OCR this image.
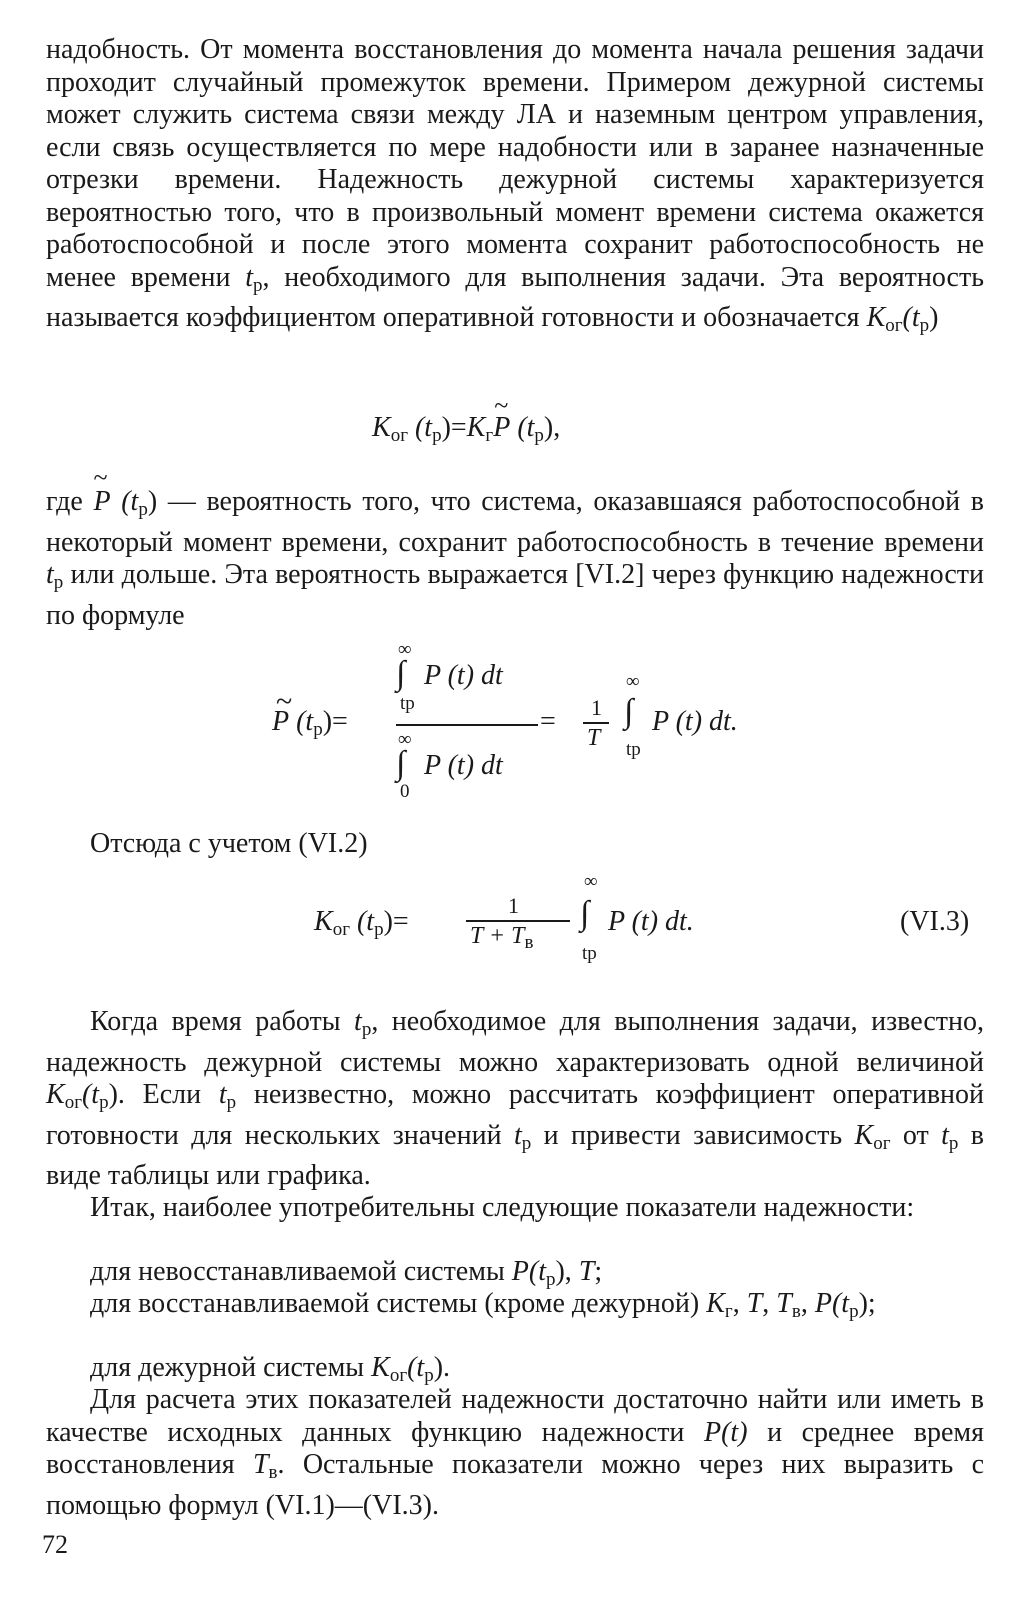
надобность. От момента восстановления до момента начала решения задачи проходит случайный промежуток времени. Примером дежурной системы может служить система связи между ЛА и наземным центром управления, если связь осуществляется по мере надобности или в заранее назначенные отрезки времени. Надежность дежурной системы характеризуется вероятностью того, что в произвольный момент времени система окажется работоспособной и после этого момента сохранит работоспособность не менее времени $t_р$, необходимого для выполнения задачи. Эта вероятность называется коэффициентом оперативной готовности и обозначается $K_{ог}(t_р)$

$K_{ог}$ $(t_р)=K_г$
~
P $(t_р)$,

где
~
P $(t_р)$ — вероятность того, что система, оказавшаяся работоспособной в некоторый момент времени, сохранит работоспособность в течение времени $t_р$ или дольше. Эта вероятность выражается [VI.2] через функцию надежности по формуле

~
P $(t_р)=$
∞
∫ P (t) dt
tр
∞
∫ P (t) dt
0
= 1
T
∞
∫
tр
P (t) dt.

Отсюда с учетом (VI.2)

$K_{ог}$ $(t_р)=$
1
$T + T_в$
∞
∫
tр
P (t) dt.	(VI.3)

Когда время работы $t_р$, необходимое для выполнения задачи, известно, надежность дежурной системы можно характеризовать одной величиной $K_{ог}(t_р)$. Если $t_р$ неизвестно, можно рассчитать коэффициент оперативной готовности для нескольких значений $t_р$ и привести зависимость $K_{ог}$ от $t_р$ в виде таблицы или графика.

Итак, наиболее употребительны следующие показатели надежности:

для невосстанавливаемой системы $P(t_р)$, T;

для восстанавливаемой системы (кроме дежурной) $K_г$, T, $T_в$, $P(t_р)$;

для дежурной системы $K_{ог}(t_р)$.

Для расчета этих показателей надежности достаточно найти или иметь в качестве исходных данных функцию надежности P(t) и среднее время восстановления $T_в$. Остальные показатели можно через них выразить с помощью формул (VI.1)—(VI.3).

72
